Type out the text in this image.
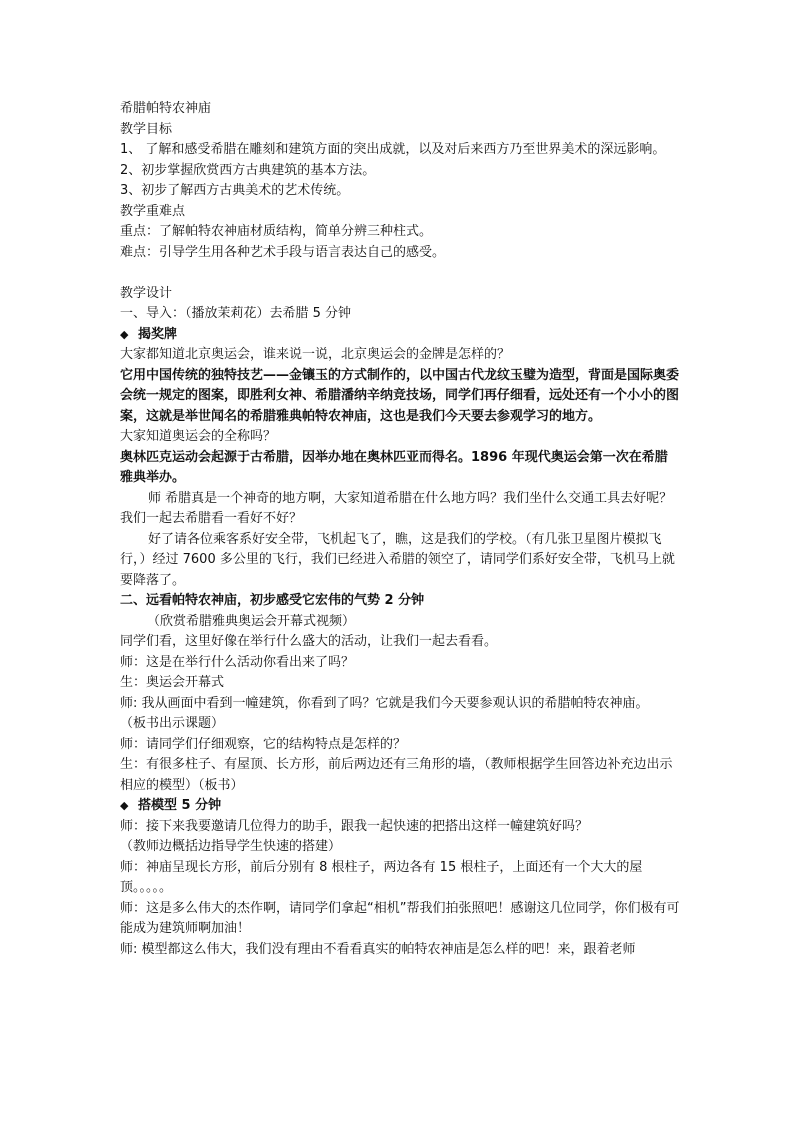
希腊帕特农神庙
教学目标
1、 了解和感受希腊在雕刻和建筑方面的突出成就，以及对后来西方乃至世界美术的深远影响。
2、初步掌握欣赏西方古典建筑的基本方法。
3、初步了解西方古典美术的艺术传统。
教学重难点
重点：了解帕特农神庙材质结构，简单分辨三种柱式。
难点：引导学生用各种艺术手段与语言表达自己的感受。
教学设计
一、导入：（播放茉莉花）去希腊 5 分钟
◆ 揭奖牌
大家都知道北京奥运会，谁来说一说，北京奥运会的金牌是怎样的？
它用中国传统的独特技艺——金镶玉的方式制作的，以中国古代龙纹玉璧为造型，背面是国际奥委会统一规定的图案，即胜利女神、希腊潘纳辛纳竞技场，同学们再仔细看，远处还有一个小小的图案，这就是举世闻名的希腊雅典帕特农神庙，这也是我们今天要去参观学习的地方。
大家知道奥运会的全称吗？
奥林匹克运动会起源于古希腊，因举办地在奥林匹亚而得名。1896 年现代奥运会第一次在希腊雅典举办。
师 希腊真是一个神奇的地方啊，大家知道希腊在什么地方吗？我们坐什么交通工具去好呢？我们一起去希腊看一看好不好？
好了请各位乘客系好安全带，飞机起飞了，瞧，这是我们的学校。（有几张卫星图片模拟飞行，）经过 7600 多公里的飞行，我们已经进入希腊的领空了，请同学们系好安全带，飞机马上就要降落了。
二、远看帕特农神庙，初步感受它宏伟的气势 2 分钟
（欣赏希腊雅典奥运会开幕式视频）
同学们看，这里好像在举行什么盛大的活动，让我们一起去看看。
师：这是在举行什么活动你看出来了吗？
生：奥运会开幕式
师: 我从画面中看到一幢建筑，你看到了吗？它就是我们今天要参观认识的希腊帕特农神庙。
（板书出示课题）
师：请同学们仔细观察，它的结构特点是怎样的？
生：有很多柱子、有屋顶、长方形，前后两边还有三角形的墙，（教师根据学生回答边补充边出示相应的模型）（板书）
◆ 搭模型 5 分钟
师：接下来我要邀请几位得力的助手，跟我一起快速的把搭出这样一幢建筑好吗？
（教师边概括边指导学生快速的搭建）
师：神庙呈现长方形，前后分别有 8 根柱子，两边各有 15 根柱子，上面还有一个大大的屋顶。。。。。
师：这是多么伟大的杰作啊，请同学们拿起“相机”帮我们拍张照吧！感谢这几位同学，你们极有可能成为建筑师啊加油！
师: 模型都这么伟大，我们没有理由不看看真实的帕特农神庙是怎么样的吧！来，跟着老师
